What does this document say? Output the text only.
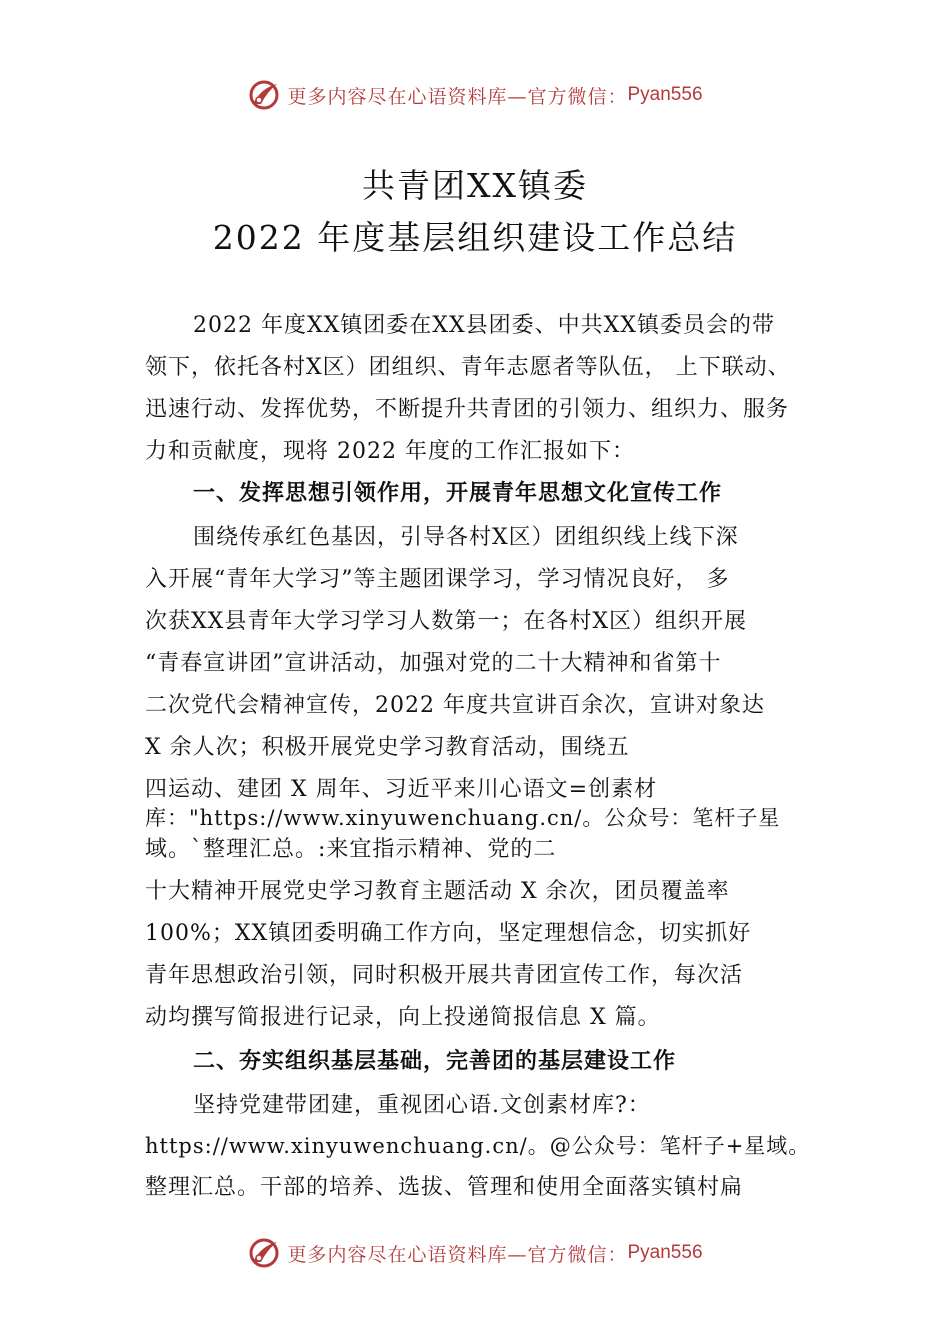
更多内容尽在心语资料库 —官方微信： Pyan556
共青团XX镇委
2022 年度基层组织建设工作总结
2022 年度XX镇团委在XX县团委、中共XX镇委员会的带
领下，依托各村X区）团组织、青年志愿者等队伍， 上下联动、
迅速行动、发挥优势，不断提升共青团的引领力、组织力、服务
力和贡献度，现将 2022 年度的工作汇报如下：
一、发挥思想引领作用，开展青年思想文化宣传工作
围绕传承红色基因，引导各村X区）团组织线上线下深
入开展“青年大学习”等主题团课学习，学习情况良好， 多
次获XX县青年大学习学习人数第一；在各村X区）组织开展
“青春宣讲团”宣讲活动，加强对党的二十大精神和省第十
二次党代会精神宣传，2022 年度共宣讲百余次，宣讲对象达
X 余人次；积极开展党史学习教育活动，围绕五
四运动、建团 X 周年、习近平来川心语文=创素材
库："https://www.xinyuwenchuang.cn/。公众号：笔杆子星
域。`整理汇总。:来宜指示精神、党的二
十大精神开展党史学习教育主题活动 X 余次，团员覆盖率
100%；XX镇团委明确工作方向，坚定理想信念，切实抓好
青年思想政治引领，同时积极开展共青团宣传工作，每次活
动均撰写简报进行记录，向上投递简报信息 X 篇。
二、夯实组织基层基础，完善团的基层建设工作
坚持党建带团建，重视团心语.文创素材库?：
https://www.xinyuwenchuang.cn/。@公众号：笔杆子+星域。
整理汇总。干部的培养、选拔、管理和使用全面落实镇村扁
更多内容尽在心语资料库 —官方微信： Pyan556
